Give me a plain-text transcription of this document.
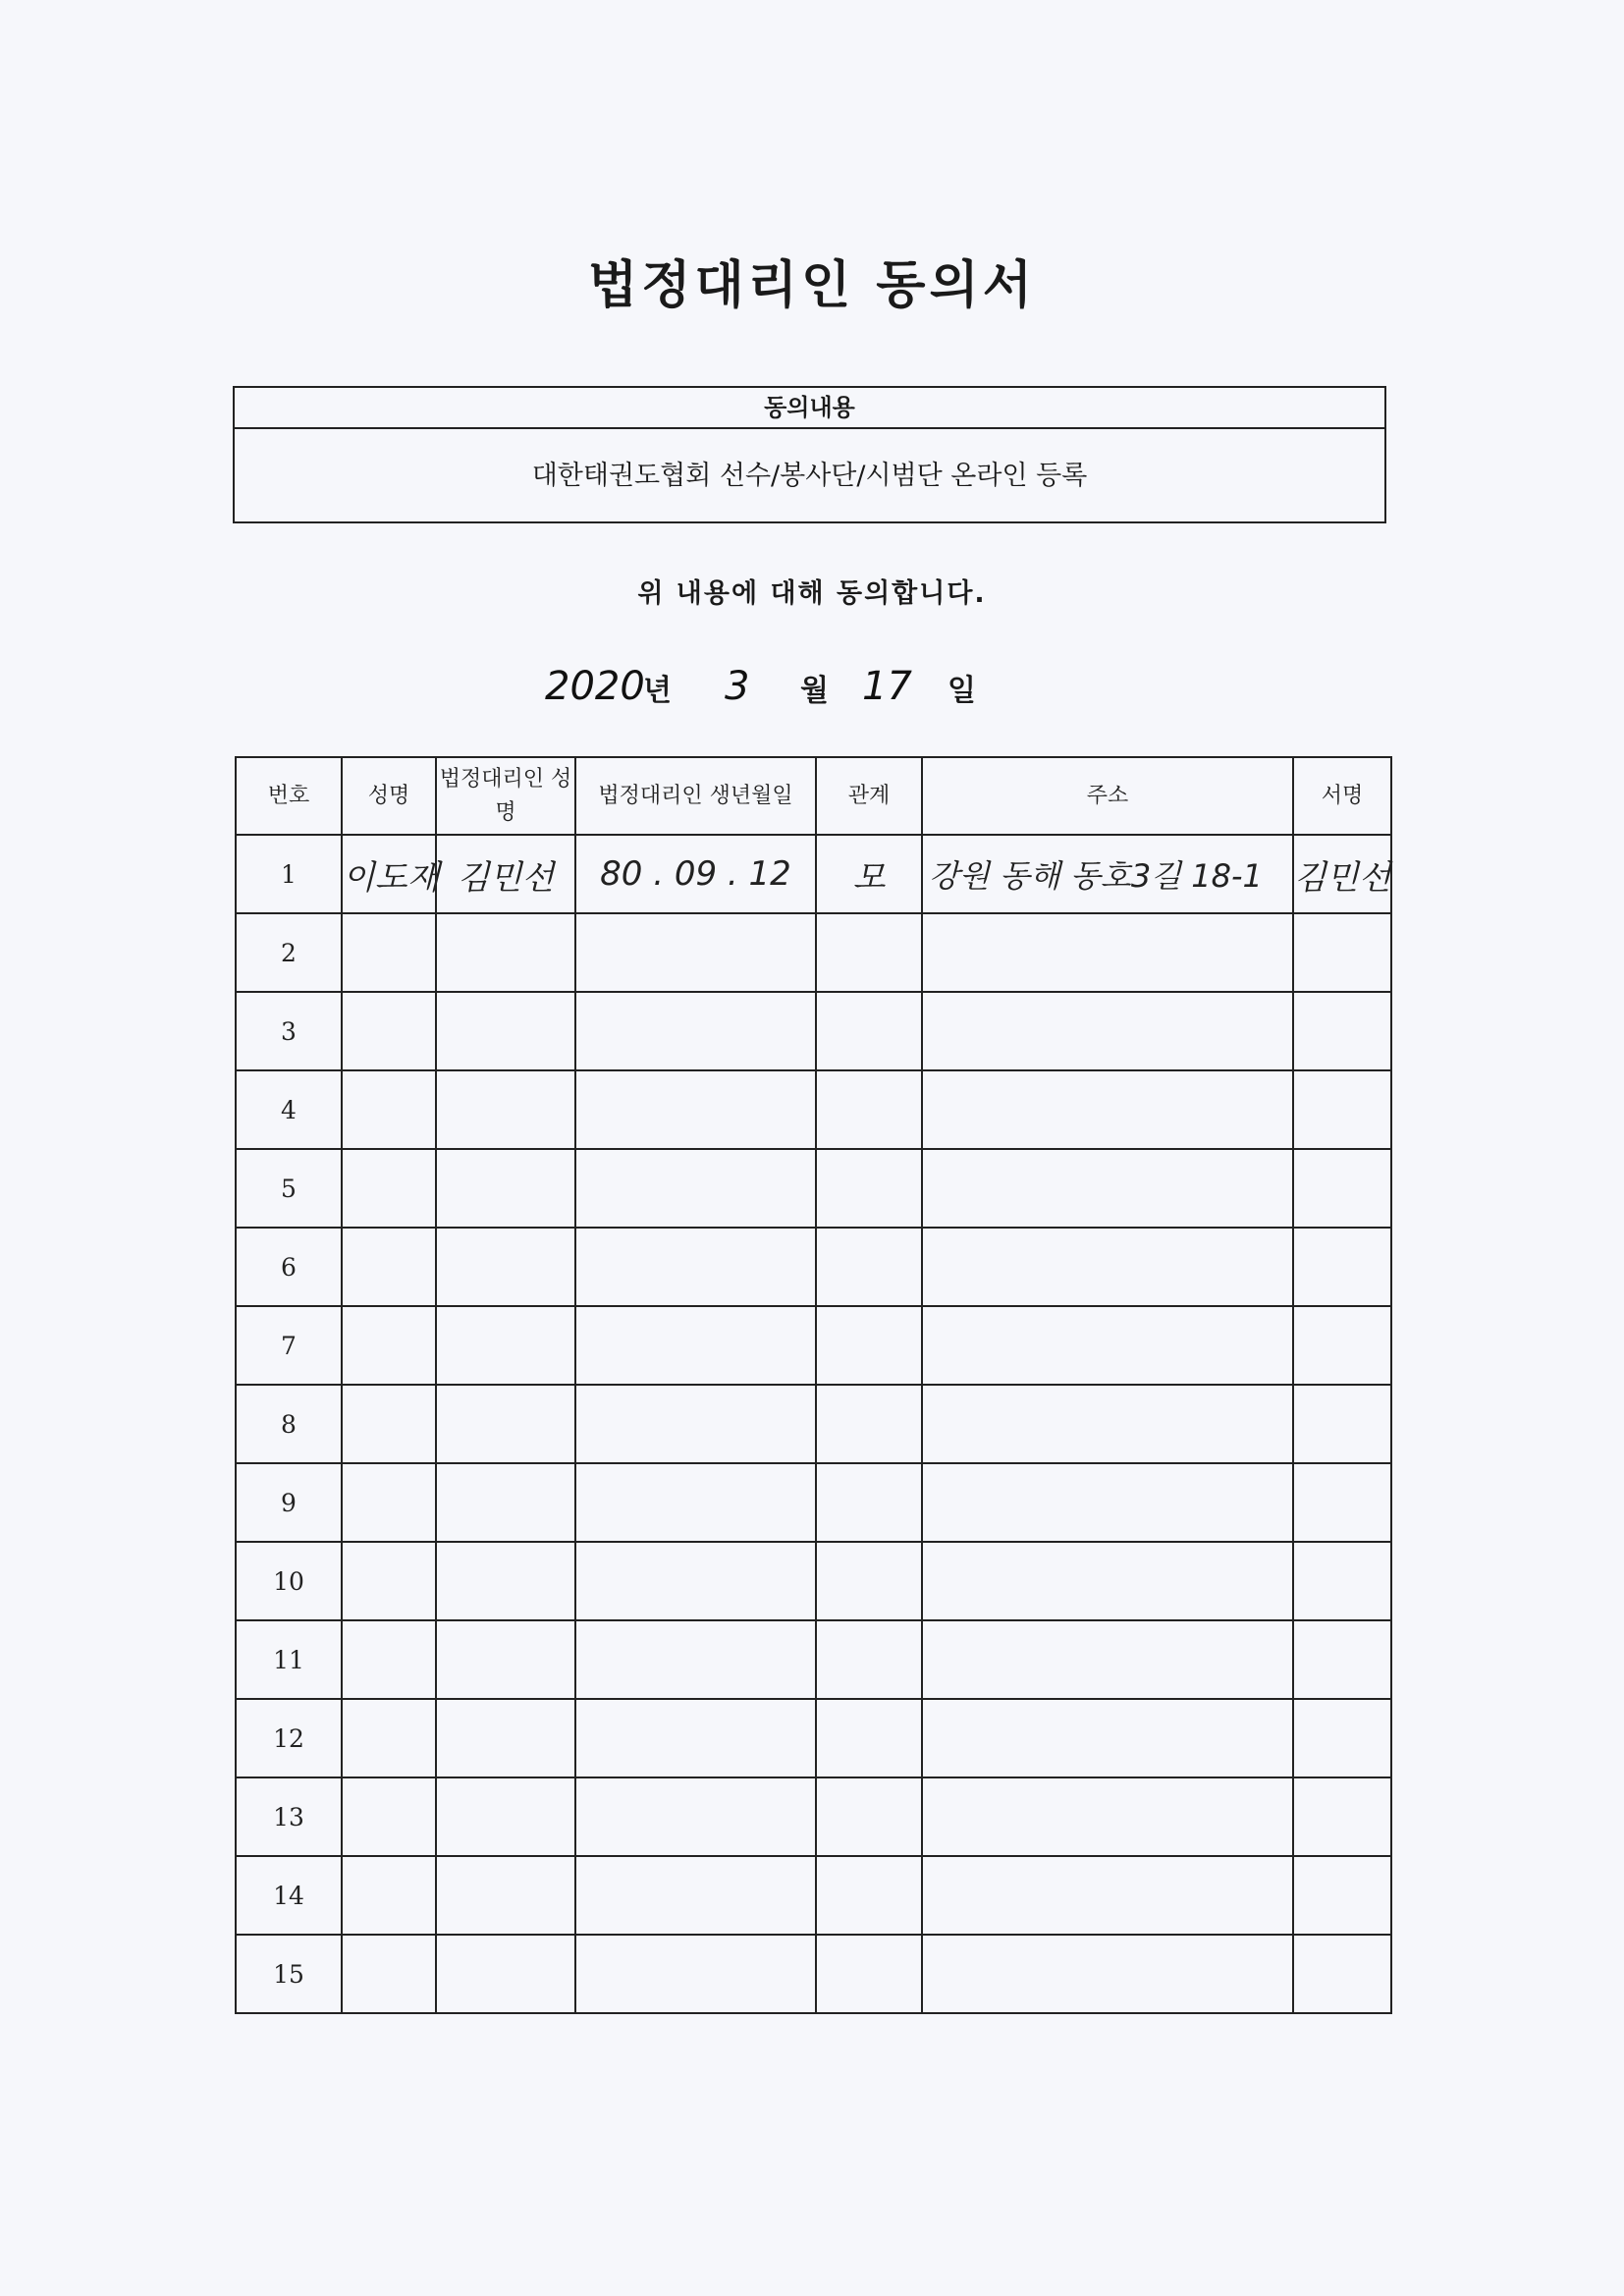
법정대리인 동의서
동의내용
대한태권도협회 선수/봉사단/시범단 온라인 등록
위 내용에 대해 동의합니다.
2020
년 3 월 17 일
번호	성명	법정대리인 성명	법정대리인 생년월일	관계	주소	서명
1	이도재	김민선	80 . 09 . 12	모	강원 동해 동호3길 18-1	김민선
2						
3						
4						
5						
6						
7						
8						
9						
10						
11						
12						
13						
14						
15						
